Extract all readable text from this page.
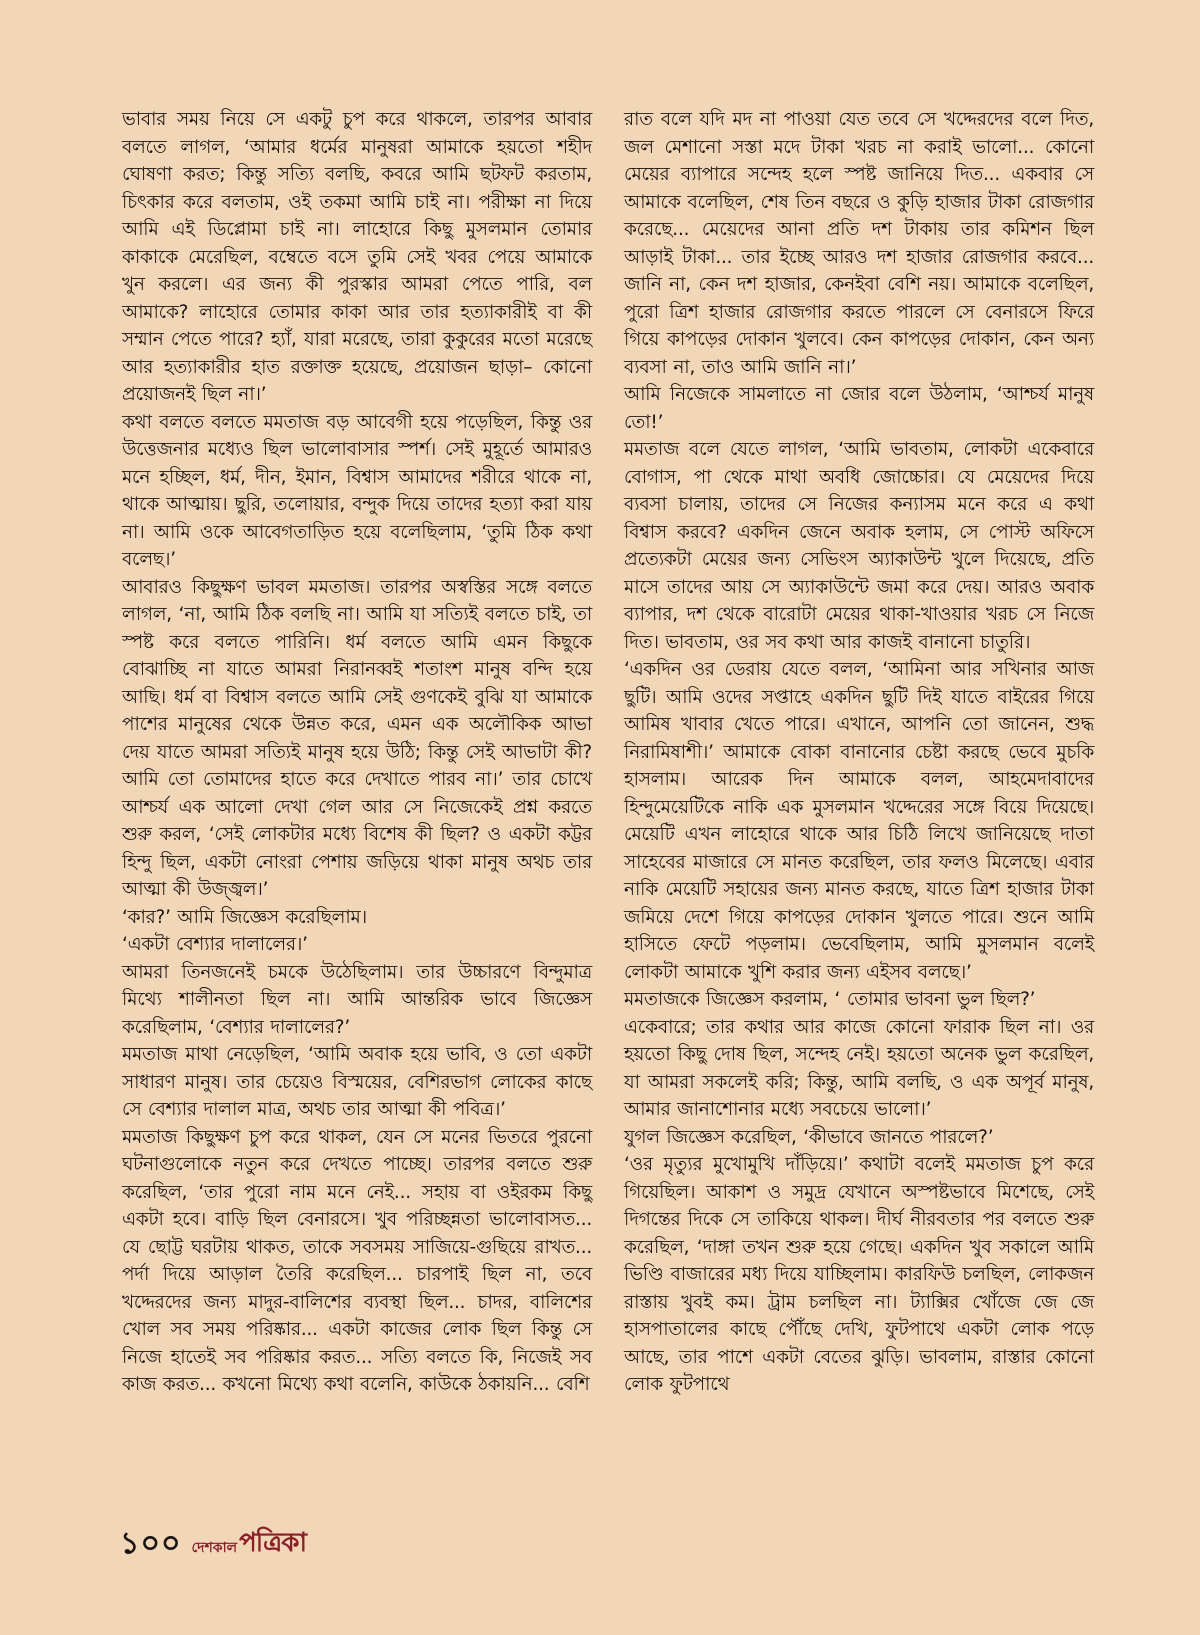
ভাবার সময় নিয়ে সে একটু চুপ করে থাকলে, তারপর আবার বলতে লাগল, ‘আমার ধর্মের মানুষরা আমাকে হয়তো শহীদ ঘোষণা করত; কিন্তু সত্যি বলছি, কবরে আমি ছটফট করতাম, চিৎকার করে বলতাম, ওই তকমা আমি চাই না। পরীক্ষা না দিয়ে আমি এই ডিপ্লোমা চাই না। লাহোরে কিছু মুসলমান তোমার কাকাকে মেরেছিল, বম্বেতে বসে তুমি সেই খবর পেয়ে আমাকে খুন করলে। এর জন্য কী পুরস্কার আমরা পেতে পারি, বল আমাকে? লাহোরে তোমার কাকা আর তার হত্যাকারীই বা কী সম্মান পেতে পারে? হ্যাঁ, যারা মরেছে, তারা কুকুরের মতো মরেছে আর হত্যাকারীর হাত রক্তাক্ত হয়েছে, প্রয়োজন ছাড়া– কোনো প্রয়োজনই ছিল না।’

কথা বলতে বলতে মমতাজ বড় আবেগী হয়ে পড়েছিল, কিন্তু ওর উত্তেজনার মধ্যেও ছিল ভালোবাসার স্পর্শ। সেই মুহূর্তে আমারও মনে হচ্ছিল, ধর্ম, দীন, ইমান, বিশ্বাস আমাদের শরীরে থাকে না, থাকে আত্মায়। ছুরি, তলোয়ার, বন্দুক দিয়ে তাদের হত্যা করা যায় না। আমি ওকে আবেগতাড়িত হয়ে বলেছিলাম, ‘তুমি ঠিক কথা বলেছ।’

আবারও কিছুক্ষণ ভাবল মমতাজ। তারপর অস্বস্তির সঙ্গে বলতে লাগল, ‘না, আমি ঠিক বলছি না। আমি যা সত্যিই বলতে চাই, তা স্পষ্ট করে বলতে পারিনি। ধর্ম বলতে আমি এমন কিছুকে বোঝাচ্ছি না যাতে আমরা নিরানব্বই শতাংশ মানুষ বন্দি হয়ে আছি। ধর্ম বা বিশ্বাস বলতে আমি সেই গুণকেই বুঝি যা আমাকে পাশের মানুষের থেকে উন্নত করে, এমন এক অলৌকিক আভা দেয় যাতে আমরা সত্যিই মানুষ হয়ে উঠি; কিন্তু সেই আভাটা কী? আমি তো তোমাদের হাতে করে দেখাতে পারব না।’ তার চোখে আশ্চর্য এক আলো দেখা গেল আর সে নিজেকেই প্রশ্ন করতে শুরু করল, ‘সেই লোকটার মধ্যে বিশেষ কী ছিল? ও একটা কট্টর হিন্দু ছিল, একটা নোংরা পেশায় জড়িয়ে থাকা মানুষ অথচ তার আত্মা কী উজ্জ্বল।’

‘কার?’ আমি জিজ্ঞেস করেছিলাম।

‘একটা বেশ্যার দালালের।’

আমরা তিনজনেই চমকে উঠেছিলাম। তার উচ্চারণে বিন্দুমাত্র মিথ্যে শালীনতা ছিল না। আমি আন্তরিক ভাবে জিজ্ঞেস করেছিলাম, ‘বেশ্যার দালালের?’

মমতাজ মাথা নেড়েছিল, ‘আমি অবাক হয়ে ভাবি, ও তো একটা সাধারণ মানুষ। তার চেয়েও বিস্ময়ের, বেশিরভাগ লোকের কাছে সে বেশ্যার দালাল মাত্র, অথচ তার আত্মা কী পবিত্র।’

মমতাজ কিছুক্ষণ চুপ করে থাকল, যেন সে মনের ভিতরে পুরনো ঘটনাগুলোকে নতুন করে দেখতে পাচ্ছে। তারপর বলতে শুরু করেছিল, ‘তার পুরো নাম মনে নেই... সহায় বা ওইরকম কিছু একটা হবে। বাড়ি ছিল বেনারসে। খুব পরিচ্ছন্নতা ভালোবাসত... যে ছোট্ট ঘরটায় থাকত, তাকে সবসময় সাজিয়ে-গুছিয়ে রাখত... পর্দা দিয়ে আড়াল তৈরি করেছিল... চারপাই ছিল না, তবে খদ্দেরদের জন্য মাদুর-বালিশের ব্যবস্থা ছিল... চাদর, বালিশের খোল সব সময় পরিষ্কার... একটা কাজের লোক ছিল কিন্তু সে নিজে হাতেই সব পরিষ্কার করত... সত্যি বলতে কি, নিজেই সব কাজ করত... কখনো মিথ্যে কথা বলেনি, কাউকে ঠকায়নি... বেশি

রাত বলে যদি মদ না পাওয়া যেত তবে সে খদ্দেরদের বলে দিত, জল মেশানো সস্তা মদে টাকা খরচ না করাই ভালো... কোনো মেয়ের ব্যাপারে সন্দেহ হলে স্পষ্ট জানিয়ে দিত... একবার সে আমাকে বলেছিল, শেষ তিন বছরে ও কুড়ি হাজার টাকা রোজগার করেছে... মেয়েদের আনা প্রতি দশ টাকায় তার কমিশন ছিল আড়াই টাকা... তার ইচ্ছে আরও দশ হাজার রোজগার করবে... জানি না, কেন দশ হাজার, কেনইবা বেশি নয়। আমাকে বলেছিল, পুরো ত্রিশ হাজার রোজগার করতে পারলে সে বেনারসে ফিরে গিয়ে কাপড়ের দোকান খুলবে। কেন কাপড়ের দোকান, কেন অন্য ব্যবসা না, তাও আমি জানি না।’

আমি নিজেকে সামলাতে না জোর বলে উঠলাম, ‘আশ্চর্য মানুষ তো!’

মমতাজ বলে যেতে লাগল, ‘আমি ভাবতাম, লোকটা একেবারে বোগাস, পা থেকে মাথা অবধি জোচ্চোর। যে মেয়েদের দিয়ে ব্যবসা চালায়, তাদের সে নিজের কন্যাসম মনে করে এ কথা বিশ্বাস করবে? একদিন জেনে অবাক হলাম, সে পোস্ট অফিসে প্রত্যেকটা মেয়ের জন্য সেভিংস অ্যাকাউন্ট খুলে দিয়েছে, প্রতি মাসে তাদের আয় সে অ্যাকাউন্টে জমা করে দেয়। আরও অবাক ব্যাপার, দশ থেকে বারোটা মেয়ের থাকা-খাওয়ার খরচ সে নিজে দিত। ভাবতাম, ওর সব কথা আর কাজই বানানো চাতুরি।

‘একদিন ওর ডেরায় যেতে বলল, ‘আমিনা আর সখিনার আজ ছুটি। আমি ওদের সপ্তাহে একদিন ছুটি দিই যাতে বাইরের গিয়ে আমিষ খাবার খেতে পারে। এখানে, আপনি তো জানেন, শুদ্ধ নিরামিষাশী।’ আমাকে বোকা বানানোর চেষ্টা করছে ভেবে মুচকি হাসলাম। আরেক দিন আমাকে বলল, আহমেদাবাদের হিন্দুমেয়েটিকে নাকি এক মুসলমান খদ্দেরের সঙ্গে বিয়ে দিয়েছে। মেয়েটি এখন লাহোরে থাকে আর চিঠি লিখে জানিয়েছে দাতা সাহেবের মাজারে সে মানত করেছিল, তার ফলও মিলেছে। এবার নাকি মেয়েটি সহায়ের জন্য মানত করছে, যাতে ত্রিশ হাজার টাকা জমিয়ে দেশে গিয়ে কাপড়ের দোকান খুলতে পারে। শুনে আমি হাসিতে ফেটে পড়লাম। ভেবেছিলাম, আমি মুসলমান বলেই লোকটা আমাকে খুশি করার জন্য এইসব বলছে।’

মমতাজকে জিজ্ঞেস করলাম, ‘ তোমার ভাবনা ভুল ছিল?’

একেবারে; তার কথার আর কাজে কোনো ফারাক ছিল না। ওর হয়তো কিছু দোষ ছিল, সন্দেহ নেই। হয়তো অনেক ভুল করেছিল, যা আমরা সকলেই করি; কিন্তু, আমি বলছি, ও এক অপূর্ব মানুষ, আমার জানাশোনার মধ্যে সবচেয়ে ভালো।’

যুগল জিজ্ঞেস করেছিল, ‘কীভাবে জানতে পারলে?’

‘ওর মৃত্যুর মুখোমুখি দাঁড়িয়ে।’ কথাটা বলেই মমতাজ চুপ করে গিয়েছিল। আকাশ ও সমুদ্র যেখানে অস্পষ্টভাবে মিশেছে, সেই দিগন্তের দিকে সে তাকিয়ে থাকল। দীর্ঘ নীরবতার পর বলতে শুরু করেছিল, ‘দাঙ্গা তখন শুরু হয়ে গেছে। একদিন খুব সকালে আমি ভিণ্ডি বাজারের মধ্য দিয়ে যাচ্ছিলাম। কারফিউ চলছিল, লোকজন রাস্তায় খুবই কম। ট্রাম চলছিল না। ট্যাক্সির খোঁজে জে জে হাসপাতালের কাছে পৌঁছে দেখি, ফুটপাথে একটা লোক পড়ে আছে, তার পাশে একটা বেতের ঝুড়ি। ভাবলাম, রাস্তার কোনো লোক ফুটপাথে

১০০ দেশকাল পত্রিকা
